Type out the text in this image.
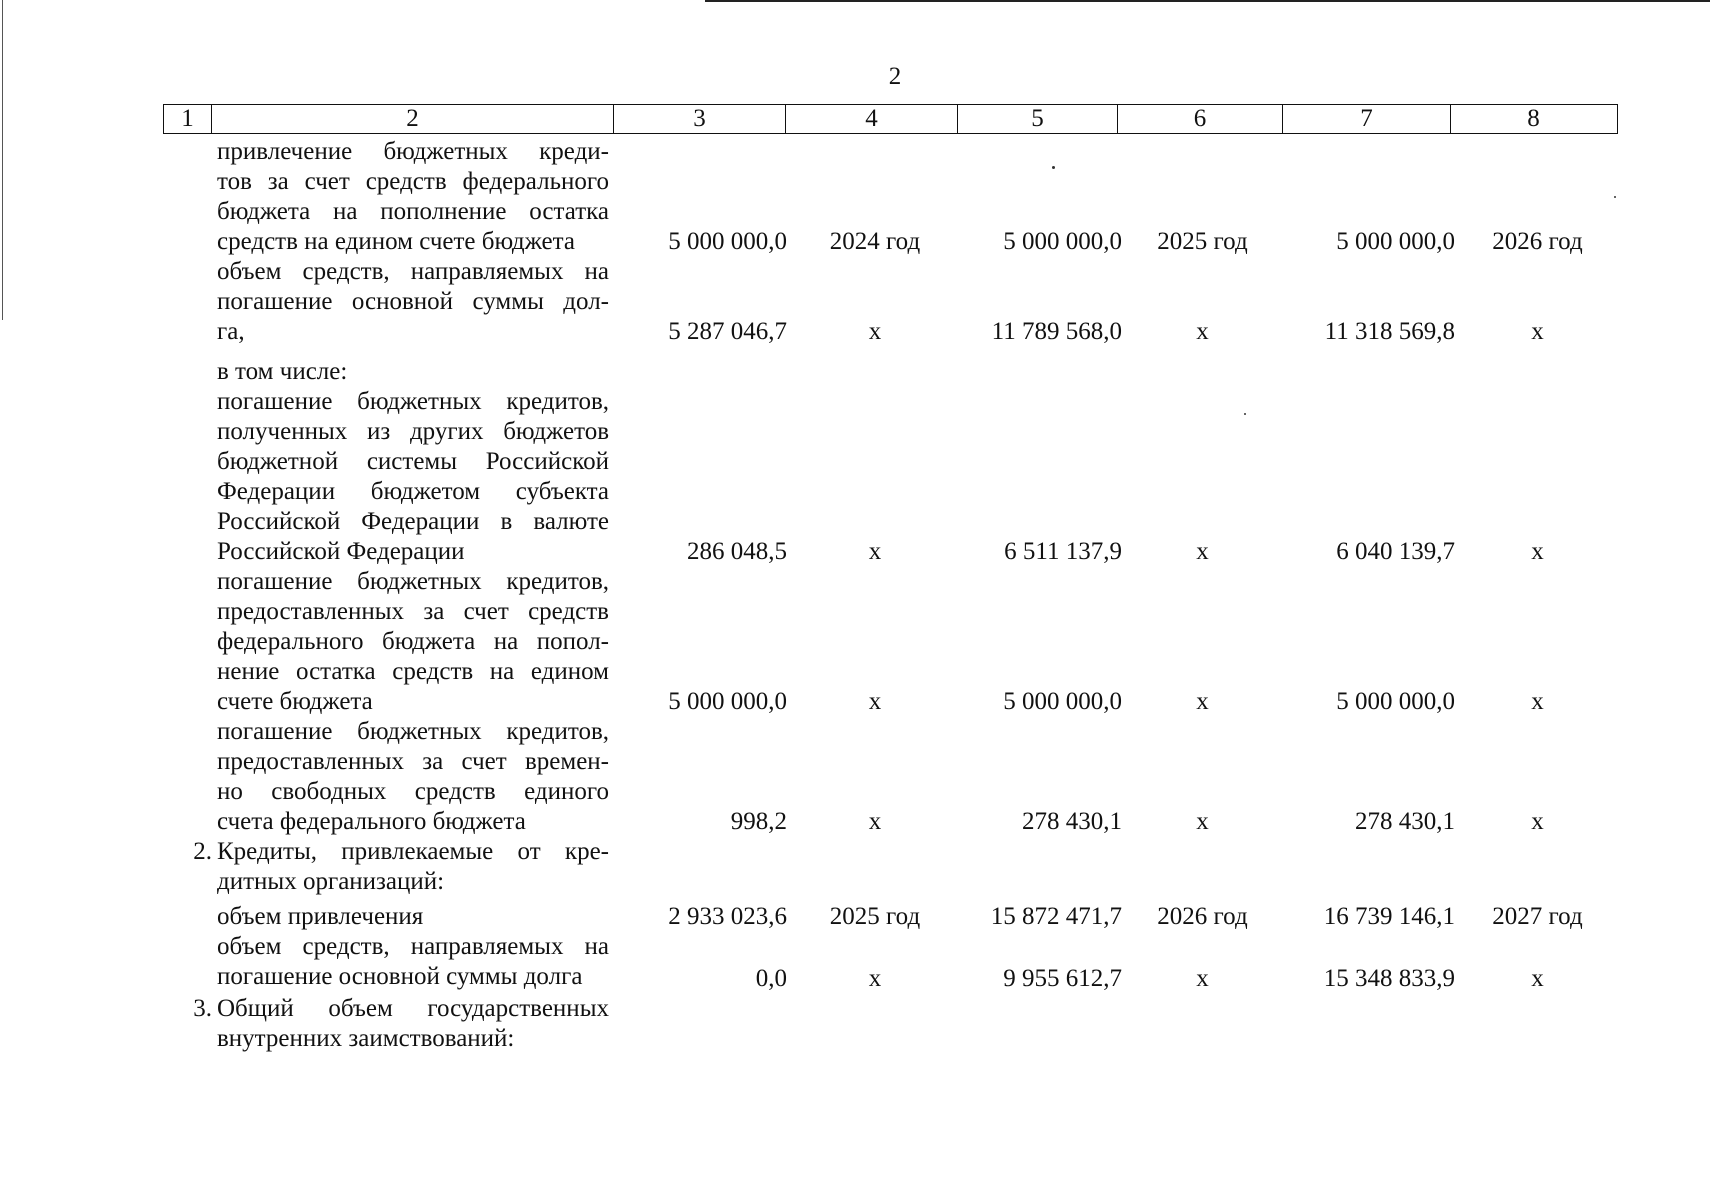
2
1	2	3	4	5	6	7	8
привлечение бюджетных креди-
тов за счет средств федерального
бюджета на пополнение остатка
средств на едином счете бюджета	5 000 000,0	2024 год	5 000 000,0	2025 год	5 000 000,0	2026 год
объем средств, направляемых на
погашение основной суммы дол-
га,	5 287 046,7	х	11 789 568,0	х	11 318 569,8	х
в том числе:
погашение бюджетных кредитов,
полученных из других бюджетов
бюджетной системы Российской
Федерации бюджетом субъекта
Российской Федерации в валюте
Российской Федерации	286 048,5	х	6 511 137,9	х	6 040 139,7	х
погашение бюджетных кредитов,
предоставленных за счет средств
федерального бюджета на попол-
нение остатка средств на едином
счете бюджета	5 000 000,0	х	5 000 000,0	х	5 000 000,0	х
погашение бюджетных кредитов,
предоставленных за счет времен-
но свободных средств единого
счета федерального бюджета	998,2	х	278 430,1	х	278 430,1	х
2. Кредиты, привлекаемые от кре-
дитных организаций:
объем привлечения	2 933 023,6	2025 год	15 872 471,7	2026 год	16 739 146,1	2027 год
объем средств, направляемых на
погашение основной суммы долга	0,0	х	9 955 612,7	х	15 348 833,9	х
3. Общий объем государственных
внутренних заимствований:
